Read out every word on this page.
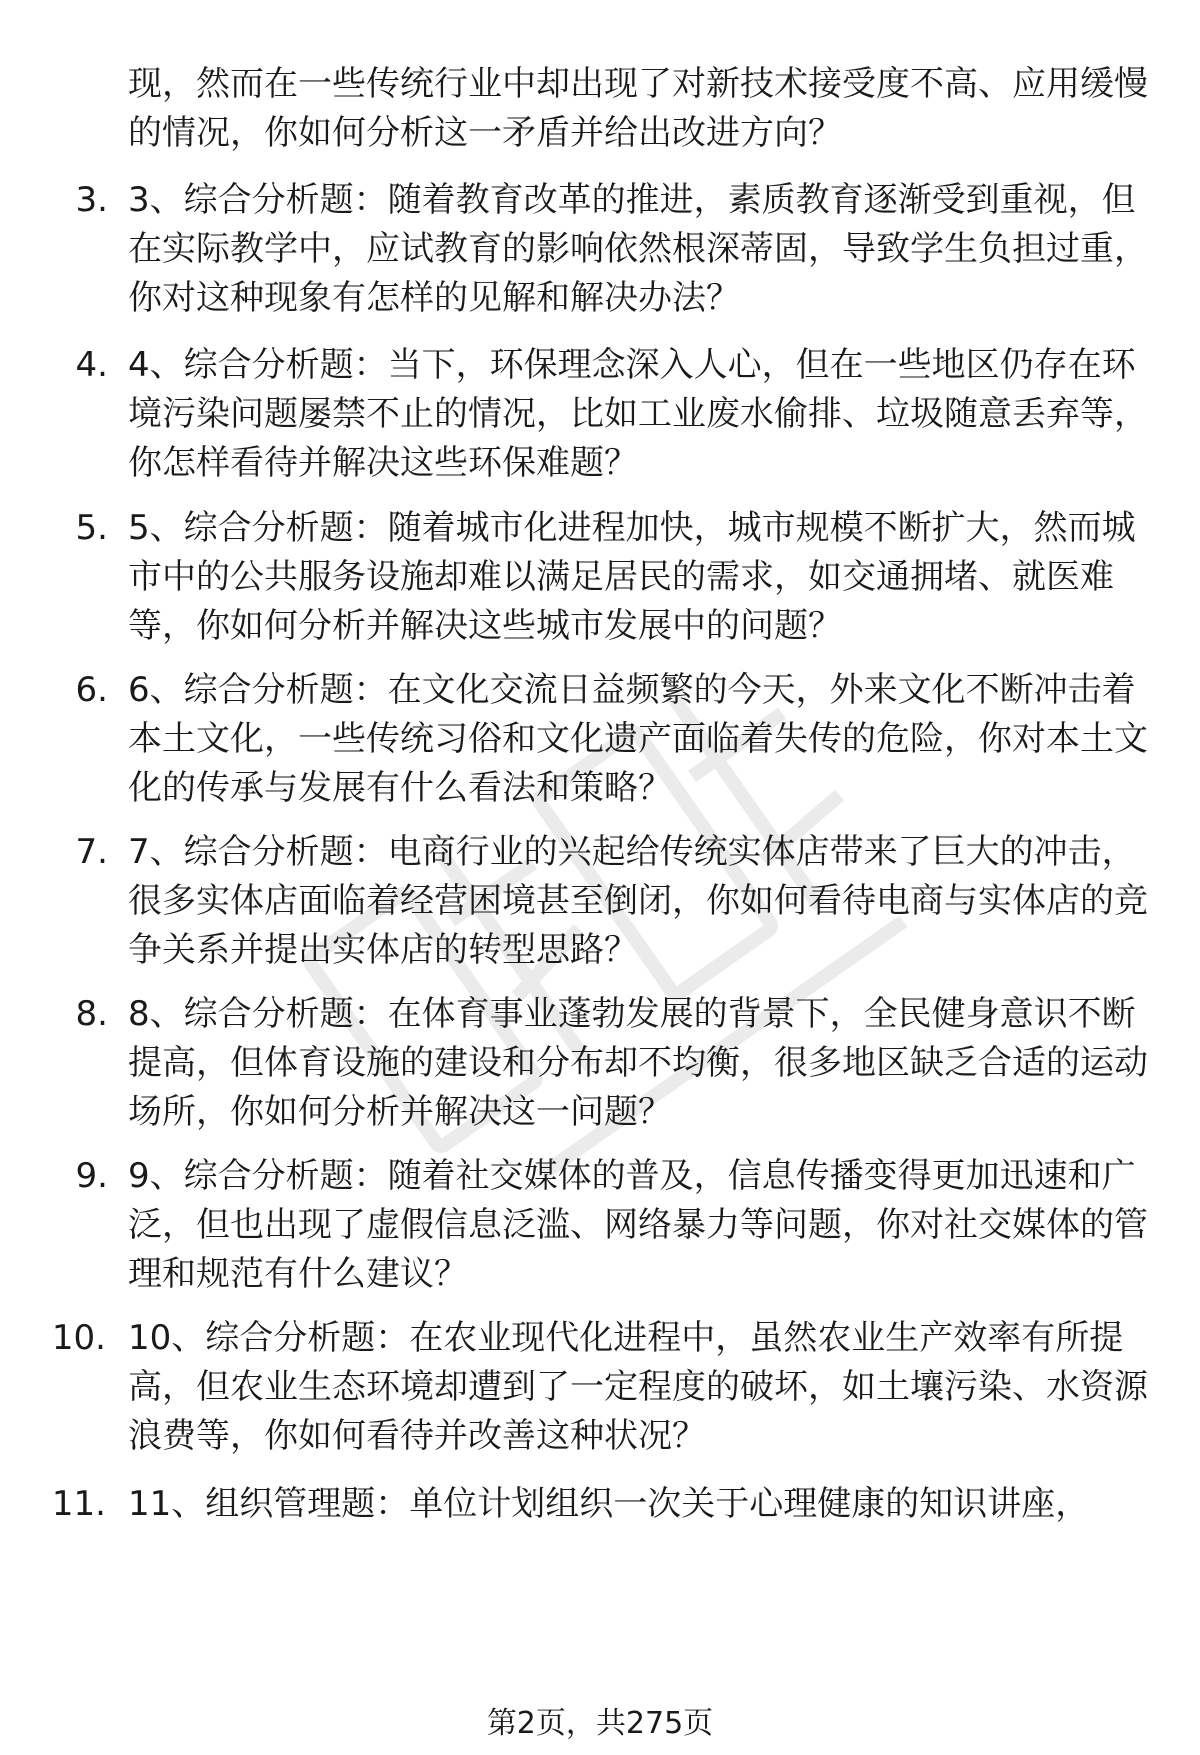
现，然而在一些传统行业中却出现了对新技术接受度不高、应用缓慢的情况，你如何分析这一矛盾并给出改进方向？

3. 3、综合分析题：随着教育改革的推进，素质教育逐渐受到重视，但在实际教学中，应试教育的影响依然根深蒂固，导致学生负担过重，你对这种现象有怎样的见解和解决办法？

4. 4、综合分析题：当下，环保理念深入人心，但在一些地区仍存在环境污染问题屡禁不止的情况，比如工业废水偷排、垃圾随意丢弃等，你怎样看待并解决这些环保难题？

5. 5、综合分析题：随着城市化进程加快，城市规模不断扩大，然而城市中的公共服务设施却难以满足居民的需求，如交通拥堵、就医难等，你如何分析并解决这些城市发展中的问题？

6. 6、综合分析题：在文化交流日益频繁的今天，外来文化不断冲击着本土文化，一些传统习俗和文化遗产面临着失传的危险，你对本土文化的传承与发展有什么看法和策略？

7. 7、综合分析题：电商行业的兴起给传统实体店带来了巨大的冲击，很多实体店面临着经营困境甚至倒闭，你如何看待电商与实体店的竞争关系并提出实体店的转型思路？

8. 8、综合分析题：在体育事业蓬勃发展的背景下，全民健身意识不断提高，但体育设施的建设和分布却不均衡，很多地区缺乏合适的运动场所，你如何分析并解决这一问题？

9. 9、综合分析题：随着社交媒体的普及，信息传播变得更加迅速和广泛，但也出现了虚假信息泛滥、网络暴力等问题，你对社交媒体的管理和规范有什么建议？

10. 10、综合分析题：在农业现代化进程中，虽然农业生产效率有所提高，但农业生态环境却遭到了一定程度的破坏，如土壤污染、水资源浪费等，你如何看待并改善这种状况？

11. 11、组织管理题：单位计划组织一次关于心理健康的知识讲座，

第2页，共275页
